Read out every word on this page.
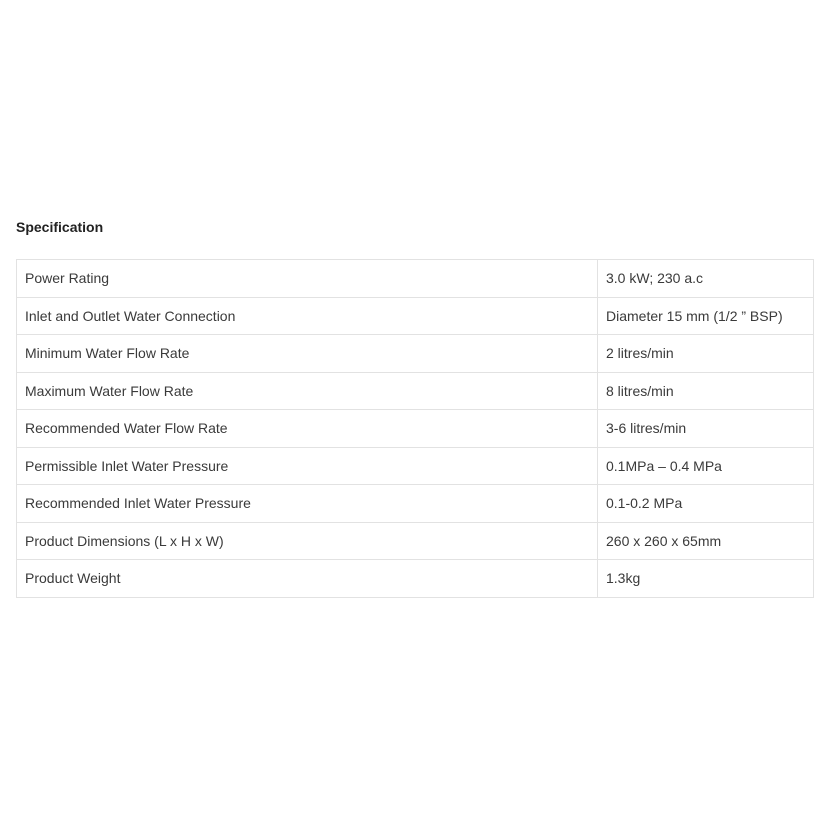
Specification
Power Rating	3.0 kW; 230 a.c
Inlet and Outlet Water Connection	Diameter 15 mm (1/2 ” BSP)
Minimum Water Flow Rate	2 litres/min
Maximum Water Flow Rate	8 litres/min
Recommended Water Flow Rate	3-6 litres/min
Permissible Inlet Water Pressure	0.1MPa – 0.4 MPa
Recommended Inlet Water Pressure	0.1-0.2 MPa
Product Dimensions (L x H x W)	260 x 260 x 65mm
Product Weight	1.3kg
